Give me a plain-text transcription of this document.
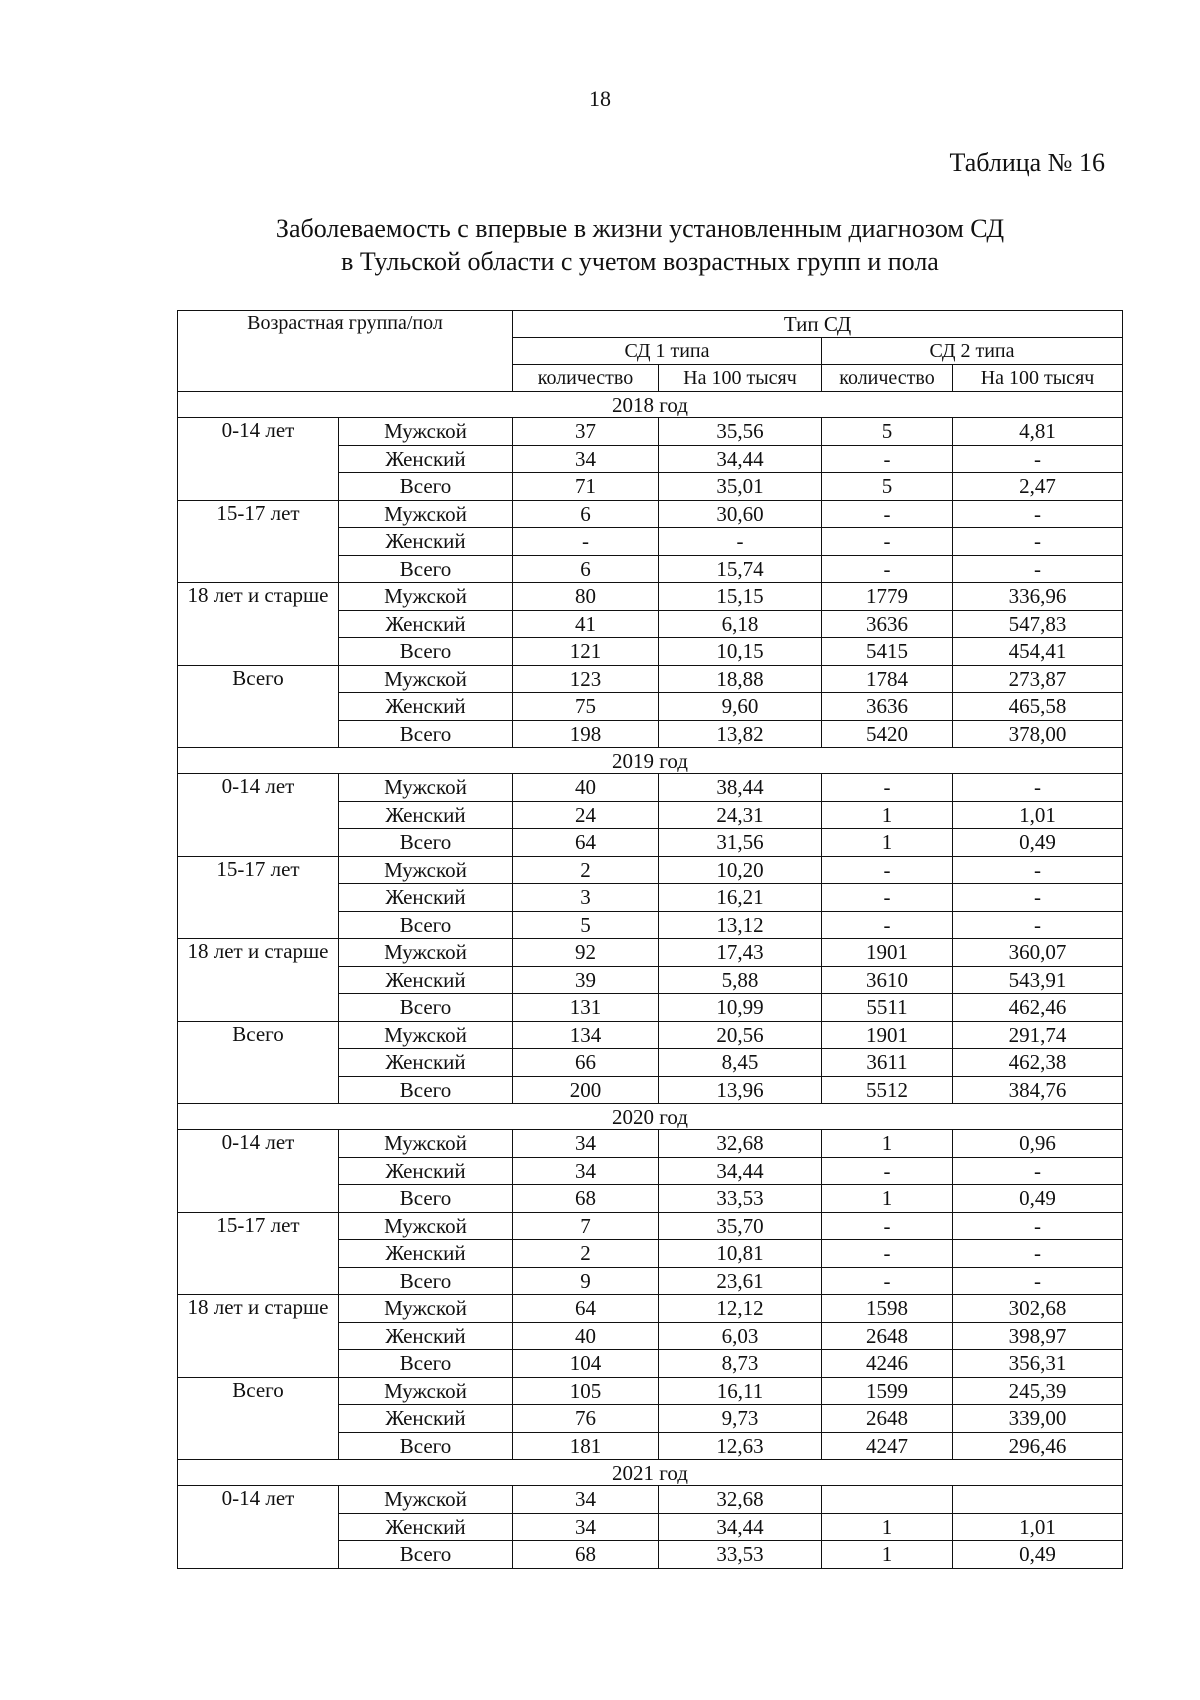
18
Таблица № 16
Заболеваемость с впервые в жизни установленным диагнозом СД
в Тульской области с учетом возрастных групп и пола
Возрастная группа/пол		Тип СД			
		СД 1 типа		СД 2 типа	
		количество	На 100 тысяч	количество	На 100 тысяч
2018 год					
0-14 лет	Мужской	37	35,56	5	4,81
	Женский	34	34,44	-	-
	Всего	71	35,01	5	2,47
15-17 лет	Мужской	6	30,60	-	-
	Женский	-	-	-	-
	Всего	6	15,74	-	-
18 лет и старше	Мужской	80	15,15	1779	336,96
	Женский	41	6,18	3636	547,83
	Всего	121	10,15	5415	454,41
Всего	Мужской	123	18,88	1784	273,87
	Женский	75	9,60	3636	465,58
	Всего	198	13,82	5420	378,00
2019 год					
0-14 лет	Мужской	40	38,44	-	-
	Женский	24	24,31	1	1,01
	Всего	64	31,56	1	0,49
15-17 лет	Мужской	2	10,20	-	-
	Женский	3	16,21	-	-
	Всего	5	13,12	-	-
18 лет и старше	Мужской	92	17,43	1901	360,07
	Женский	39	5,88	3610	543,91
	Всего	131	10,99	5511	462,46
Всего	Мужской	134	20,56	1901	291,74
	Женский	66	8,45	3611	462,38
	Всего	200	13,96	5512	384,76
2020 год					
0-14 лет	Мужской	34	32,68	1	0,96
	Женский	34	34,44	-	-
	Всего	68	33,53	1	0,49
15-17 лет	Мужской	7	35,70	-	-
	Женский	2	10,81	-	-
	Всего	9	23,61	-	-
18 лет и старше	Мужской	64	12,12	1598	302,68
	Женский	40	6,03	2648	398,97
	Всего	104	8,73	4246	356,31
Всего	Мужской	105	16,11	1599	245,39
	Женский	76	9,73	2648	339,00
	Всего	181	12,63	4247	296,46
2021 год					
0-14 лет	Мужской	34	32,68		
	Женский	34	34,44	1	1,01
	Всего	68	33,53	1	0,49
